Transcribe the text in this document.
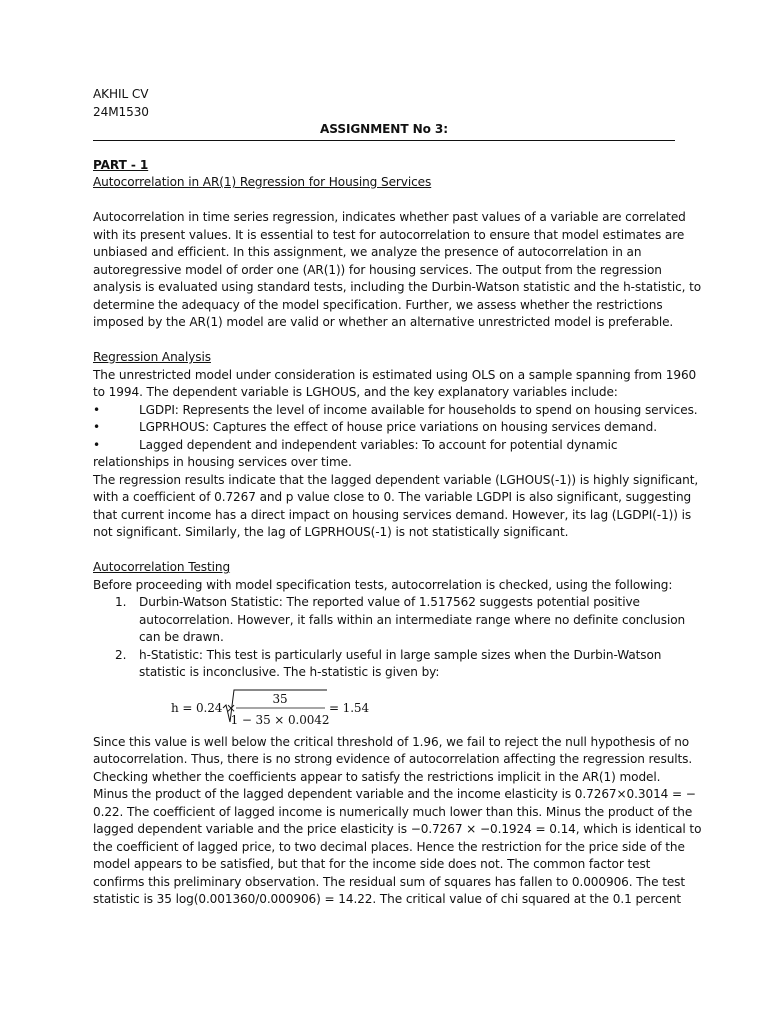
AKHIL CV
24M1530
ASSIGNMENT No 3:
PART - 1
Autocorrelation in AR(1) Regression for Housing Services
Autocorrelation in time series regression, indicates whether past values of a variable are correlated
with its present values. It is essential to test for autocorrelation to ensure that model estimates are
unbiased and efficient. In this assignment, we analyze the presence of autocorrelation in an
autoregressive model of order one (AR(1)) for housing services. The output from the regression
analysis is evaluated using standard tests, including the Durbin-Watson statistic and the h-statistic, to
determine the adequacy of the model specification. Further, we assess whether the restrictions
imposed by the AR(1) model are valid or whether an alternative unrestricted model is preferable.
Regression Analysis
The unrestricted model under consideration is estimated using OLS on a sample spanning from 1960
to 1994. The dependent variable is LGHOUS, and the key explanatory variables include:
•	LGDPI: Represents the level of income available for households to spend on housing services.
•	LGPRHOUS: Captures the effect of house price variations on housing services demand.
•	Lagged dependent and independent variables: To account for potential dynamic
relationships in housing services over time.
The regression results indicate that the lagged dependent variable (LGHOUS(-1)) is highly significant,
with a coefficient of 0.7267 and p value close to 0. The variable LGDPI is also significant, suggesting
that current income has a direct impact on housing services demand. However, its lag (LGDPI(-1)) is
not significant. Similarly, the lag of LGPRHOUS(-1) is not statistically significant.
Autocorrelation Testing
Before proceeding with model specification tests, autocorrelation is checked, using the following:
1. Durbin-Watson Statistic: The reported value of 1.517562 suggests potential positive
autocorrelation. However, it falls within an intermediate range where no definite conclusion
can be drawn.
2. h-Statistic: This test is particularly useful in large sample sizes when the Durbin-Watson
statistic is inconclusive. The h-statistic is given by:
h = 0.24 ×
35
1 − 35 × 0.0042
= 1.54
Since this value is well below the critical threshold of 1.96, we fail to reject the null hypothesis of no
autocorrelation. Thus, there is no strong evidence of autocorrelation affecting the regression results.
Checking whether the coefficients appear to satisfy the restrictions implicit in the AR(1) model.
Minus the product of the lagged dependent variable and the income elasticity is 0.7267×0.3014 = −
0.22. The coefficient of lagged income is numerically much lower than this. Minus the product of the
lagged dependent variable and the price elasticity is −0.7267 × −0.1924 = 0.14, which is identical to
the coefficient of lagged price, to two decimal places. Hence the restriction for the price side of the
model appears to be satisfied, but that for the income side does not. The common factor test
confirms this preliminary observation. The residual sum of squares has fallen to 0.000906. The test
statistic is 35 log(0.001360/0.000906) = 14.22. The critical value of chi squared at the 0.1 percent
